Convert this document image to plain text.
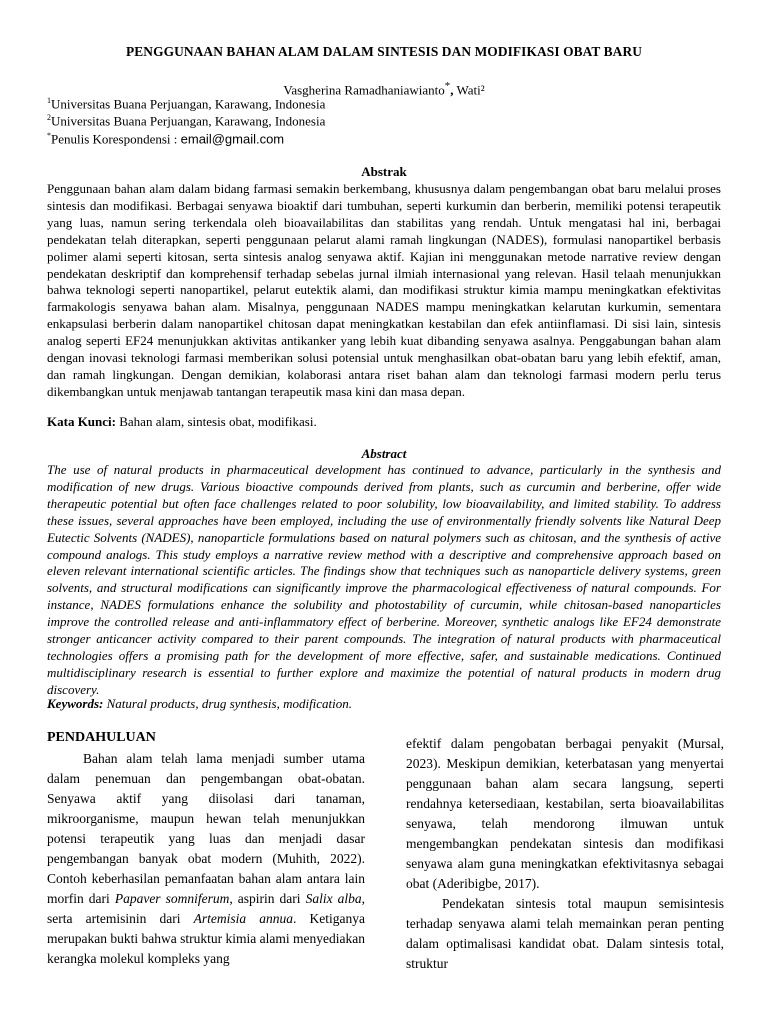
PENGGUNAAN BAHAN ALAM DALAM SINTESIS DAN MODIFIKASI OBAT BARU
Vasgherina Ramadhaniawianto*, Wati²
$^1$Universitas Buana Perjuangan, Karawang, Indonesia
$^2$Universitas Buana Perjuangan, Karawang, Indonesia
*Penulis Korespondensi : email@gmail.com
Abstrak
Penggunaan bahan alam dalam bidang farmasi semakin berkembang, khususnya dalam pengembangan obat baru melalui proses sintesis dan modifikasi. Berbagai senyawa bioaktif dari tumbuhan, seperti kurkumin dan berberin, memiliki potensi terapeutik yang luas, namun sering terkendala oleh bioavailabilitas dan stabilitas yang rendah. Untuk mengatasi hal ini, berbagai pendekatan telah diterapkan, seperti penggunaan pelarut alami ramah lingkungan (NADES), formulasi nanopartikel berbasis polimer alami seperti kitosan, serta sintesis analog senyawa aktif. Kajian ini menggunakan metode narrative review dengan pendekatan deskriptif dan komprehensif terhadap sebelas jurnal ilmiah internasional yang relevan. Hasil telaah menunjukkan bahwa teknologi seperti nanopartikel, pelarut eutektik alami, dan modifikasi struktur kimia mampu meningkatkan efektivitas farmakologis senyawa bahan alam. Misalnya, penggunaan NADES mampu meningkatkan kelarutan kurkumin, sementara enkapsulasi berberin dalam nanopartikel chitosan dapat meningkatkan kestabilan dan efek antiinflamasi. Di sisi lain, sintesis analog seperti EF24 menunjukkan aktivitas antikanker yang lebih kuat dibanding senyawa asalnya. Penggabungan bahan alam dengan inovasi teknologi farmasi memberikan solusi potensial untuk menghasilkan obat-obatan baru yang lebih efektif, aman, dan ramah lingkungan. Dengan demikian, kolaborasi antara riset bahan alam dan teknologi farmasi modern perlu terus dikembangkan untuk menjawab tantangan terapeutik masa kini dan masa depan.
Kata Kunci: Bahan alam, sintesis obat, modifikasi.
Abstract
The use of natural products in pharmaceutical development has continued to advance, particularly in the synthesis and modification of new drugs. Various bioactive compounds derived from plants, such as curcumin and berberine, offer wide therapeutic potential but often face challenges related to poor solubility, low bioavailability, and limited stability. To address these issues, several approaches have been employed, including the use of environmentally friendly solvents like Natural Deep Eutectic Solvents (NADES), nanoparticle formulations based on natural polymers such as chitosan, and the synthesis of active compound analogs. This study employs a narrative review method with a descriptive and comprehensive approach based on eleven relevant international scientific articles. The findings show that techniques such as nanoparticle delivery systems, green solvents, and structural modifications can significantly improve the pharmacological effectiveness of natural compounds. For instance, NADES formulations enhance the solubility and photostability of curcumin, while chitosan-based nanoparticles improve the controlled release and anti-inflammatory effect of berberine. Moreover, synthetic analogs like EF24 demonstrate stronger anticancer activity compared to their parent compounds. The integration of natural products with pharmaceutical technologies offers a promising path for the development of more effective, safer, and sustainable medications. Continued multidisciplinary research is essential to further explore and maximize the potential of natural products in modern drug discovery.
Keywords: Natural products, drug synthesis, modification.
PENDAHULUAN

Bahan alam telah lama menjadi sumber utama dalam penemuan dan pengembangan obat-obatan. Senyawa aktif yang diisolasi dari tanaman, mikroorganisme, maupun hewan telah menunjukkan potensi terapeutik yang luas dan menjadi dasar pengembangan banyak obat modern (Muhith, 2022). Contoh keberhasilan pemanfaatan bahan alam antara lain morfin dari Papaver somniferum, aspirin dari Salix alba, serta artemisinin dari Artemisia annua. Ketiganya merupakan bukti bahwa struktur kimia alami menyediakan kerangka molekul kompleks yang

efektif dalam pengobatan berbagai penyakit (Mursal, 2023). Meskipun demikian, keterbatasan yang menyertai penggunaan bahan alam secara langsung, seperti rendahnya ketersediaan, kestabilan, serta bioavailabilitas senyawa, telah mendorong ilmuwan untuk mengembangkan pendekatan sintesis dan modifikasi senyawa alam guna meningkatkan efektivitasnya sebagai obat (Aderibigbe, 2017).

Pendekatan sintesis total maupun semisintesis terhadap senyawa alami telah memainkan peran penting dalam optimalisasi kandidat obat. Dalam sintesis total, struktur
